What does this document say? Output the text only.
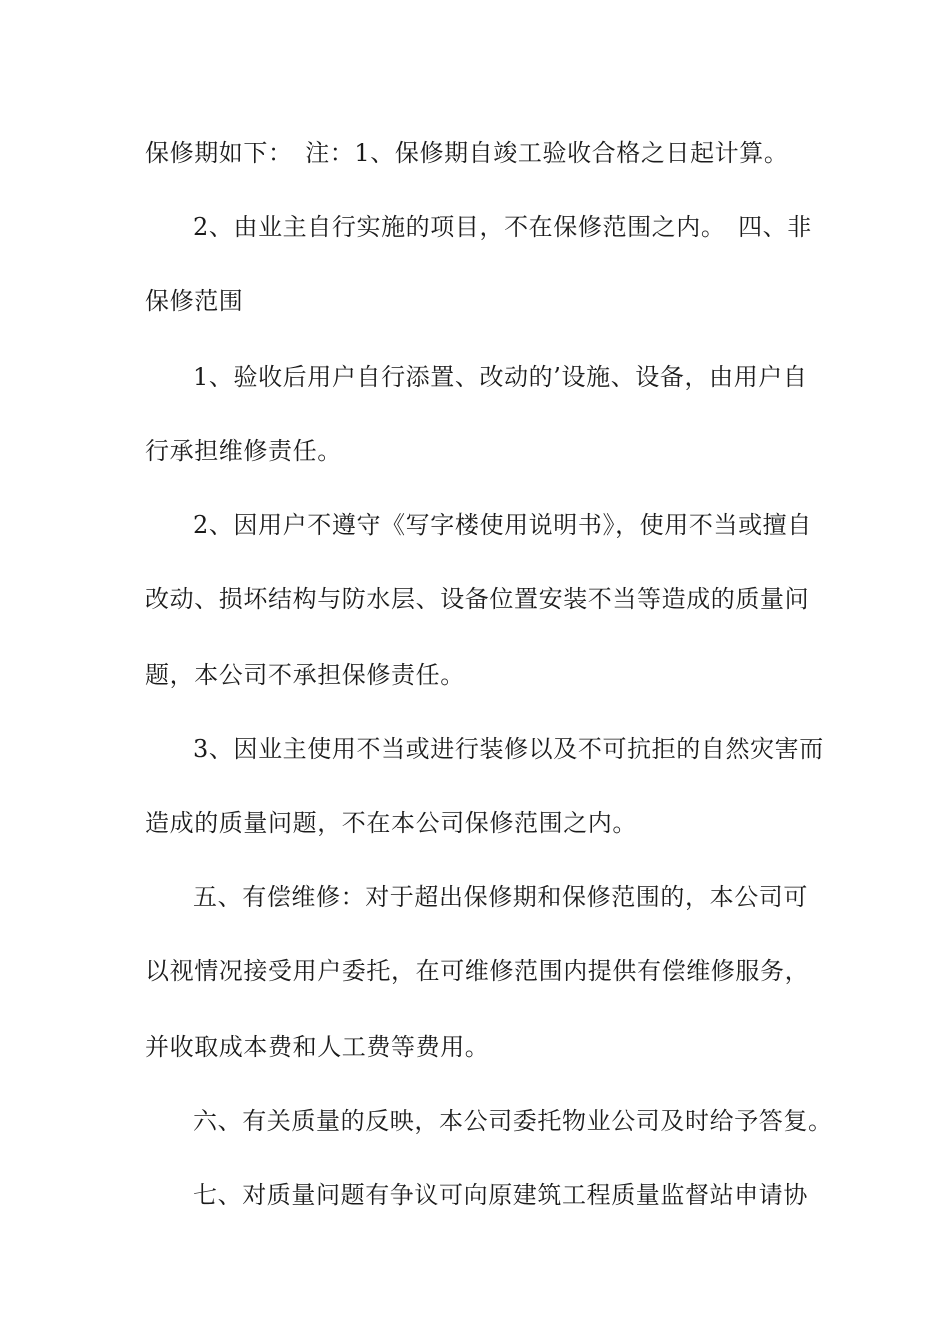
保修期如下：　注：1、保修期自竣工验收合格之日起计算。
2、由业主自行实施的项目，不在保修范围之内。　四、非
保修范围
1、验收后用户自行添置、改动的’设施、设备，由用户自
行承担维修责任。
2、因用户不遵守《写字楼使用说明书》，使用不当或擅自
改动、损坏结构与防水层、设备位置安装不当等造成的质量问
题，本公司不承担保修责任。
3、因业主使用不当或进行装修以及不可抗拒的自然灾害而
造成的质量问题，不在本公司保修范围之内。
五、有偿维修：对于超出保修期和保修范围的，本公司可
以视情况接受用户委托，在可维修范围内提供有偿维修服务，
并收取成本费和人工费等费用。
六、有关质量的反映，本公司委托物业公司及时给予答复。
七、对质量问题有争议可向原建筑工程质量监督站申请协
